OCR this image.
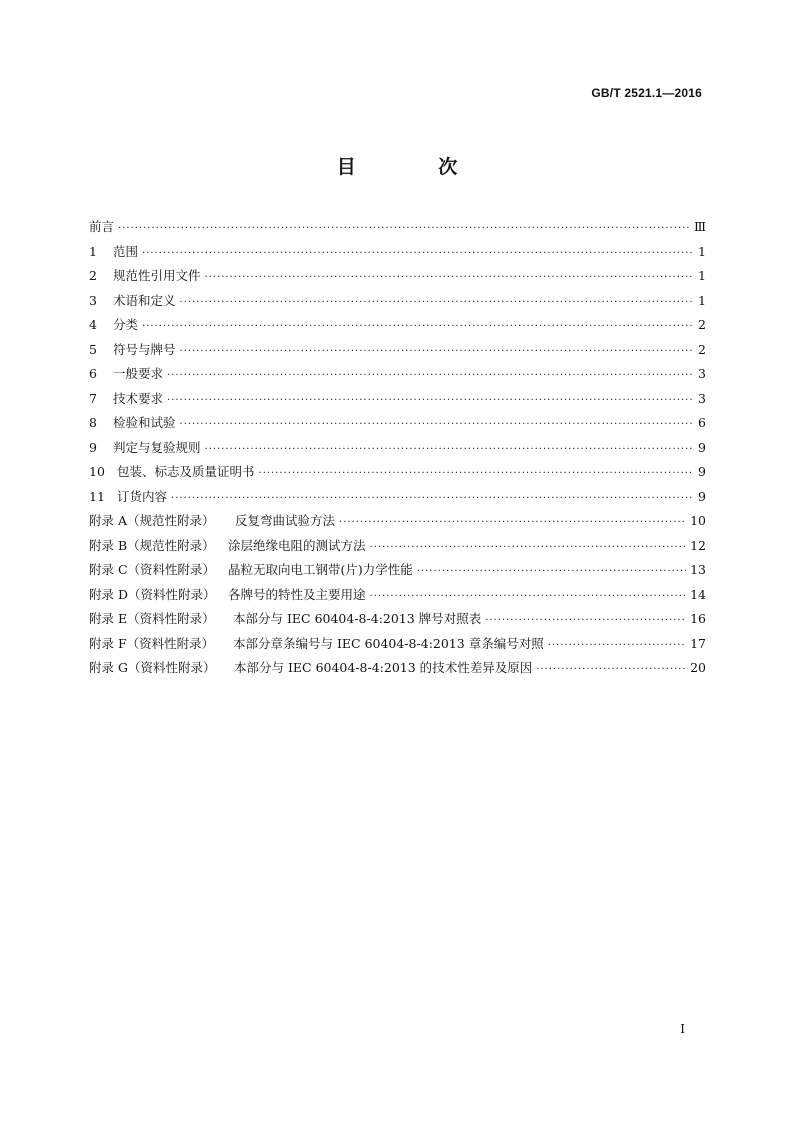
GB/T 2521.1—2016
目 次
前言 ·····	Ⅲ
1	范围 ·····	1
2	规范性引用文件 ·····	1
3	术语和定义 ·····	1
4	分类 ·····	2
5	符号与牌号 ·····	2
6	一般要求 ·····	3
7	技术要求 ·····	3
8	检验和试验 ·····	6
9	判定与复验规则 ·····	9
10 包装、标志及质量证明书 ·····	9
11 订货内容 ·····	9
附录 A（规范性附录）	反复弯曲试验方法 ·····	10
附录 B（规范性附录）	涂层绝缘电阻的测试方法 ·····	12
附录 C（资料性附录）	晶粒无取向电工钢带(片)力学性能 ·····	13
附录 D（资料性附录）	各牌号的特性及主要用途 ·····	14
附录 E（资料性附录）	本部分与 IEC 60404-8-4:2013 牌号对照表 ·····	16
附录 F（资料性附录）	本部分章条编号与 IEC 60404-8-4:2013 章条编号对照 ·····	17
附录 G（资料性附录）	本部分与 IEC 60404-8-4:2013 的技术性差异及原因 ·····	20
I
